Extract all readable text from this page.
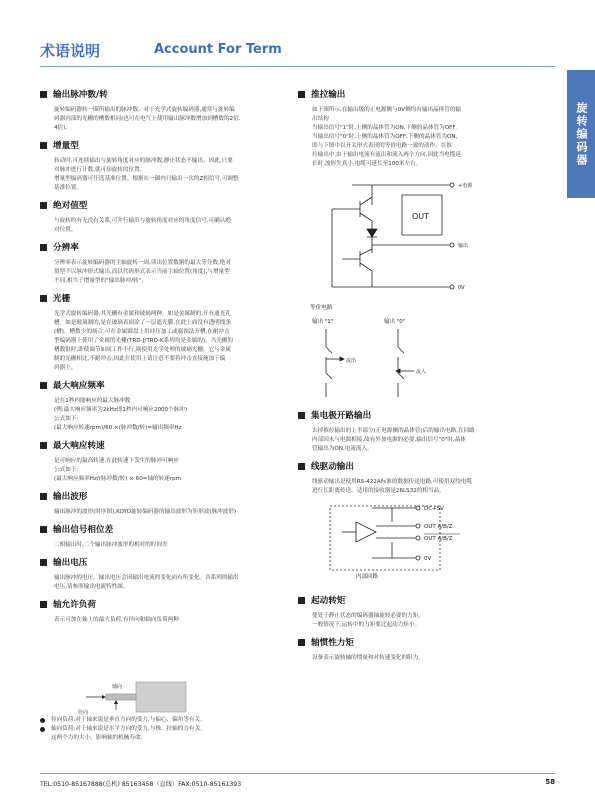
术语说明	Account For Term
旋转编码器
输出脉冲数/转

旋转编码器转一圈所输出的脉冲数。对于光学式旋转编码器,通常与旋转编

码器内部的光栅的槽数相同(也可在电气上使用输出脉冲数增加到槽数的2倍、

4倍)。

增量型

转动时,可连续输出与旋转角度对应的脉冲数,静止状态不输出。因此,只要

对脉冲进行计数,就可知旋转的位置。

增量型编码器可任选基准位置。根据在一圈内只输出一次的Z相信号,可调整

基准位置。

绝对值型

与旋转的有无没有关系,可并行输出与旋转角度对应的角度信号,可确认绝

对位置。

分辨率

分辨率表示旋转编码器的主轴旋转一周,读出位置数据的最大等分数,绝对

值型不以脉冲形式输出,而以代码形式表示当前主轴位置(角度),与增量型

不同,相当于增量型的"输出脉冲/转"。

光栅

光学式旋转编码器,其光栅有金属和玻璃两种。如是金属制的,开有通光孔

槽。如是玻璃制的,是在玻璃表面涂了一层遮光膜,在此上面没有透明线条

(槽)。槽数少的场合,可在金属圆盘上用冲压加工或腐蚀法开槽,在耐冲击

型编码器上使用了金属的光栅(TRD-J/TRD-K系列均是金属的)。当光栅的

槽数很时,即使调节如间工作不行,则使用光学处理的玻璃光栅。它与金属

制的光栅相比,不耐冲击,因此在使用上请注意不要将冲击直接施加于编

码器上。

最大响应频率

是在1秒内能响应的最大脉冲数

(例:最大响应频率为2kHz即1秒内可响应2000个脉冲)

公式如下:

(最大响应转速rpm)/60 ×(脉冲数/转)=输出频率Hz

最大响应转速

是可响应的最高转速,在此转速下发生的脉冲可响应

公式如下:

(最大响应频率Hz/(脉冲数/转) × 60=轴的转速rpm

输出波形

输出脉冲的波形(时序图),KOYO旋转编码器的输出波形为矩形波(脉冲波形)

输出信号相位差

二相输出时,二个输出脉冲波形的相对的时间差

输出电压

输出脉冲的电压。输出电压会因输出电流的变化而有所变化。各系列的输出

电压,请参照输出电流特性图。

轴允许负荷

表示可加在轴上的最大负荷,有径向和轴向负荷两种

推拉输出

如下图所示,在输出级的正电源侧与0V侧均有输出晶体管的输

出结构

当输出信号"1"时,上侧的晶体管为ON,下侧的晶体管为OFF。

当输出信号"0"时,上侧的晶体管为OFF,下侧的晶体管为ON,

即与下图中以开关形式表现的等价电路一致的动作。在推

拉输出中,由于输出电流有流出和流入两个方向,因此当电缆延

长时,波形失真小,电缆可延长至100米左右。

+电源
OUT
输出
0V
等价电路
输出 "1"	输出 "0"
流出
流入
集电极开路输出

去掉推拉输出的上半部分(正电源侧的晶体管)后的输出电路,在回路

内部因未与电源相接,故有外加电源的必要,输出信号"0"时,晶体

管输出为ON,电流流入。

线驱动输出

线驱动输出是使用RS-422A标准的数据传送电路,可使用双绞电缆

进行长距离传送。适用的接收器是26LS32的相当品。

DC+5V
OUT A/B/Z
OUT A/B/Z
0V
内部回路
起动转矩

使处于静止状态的编码器轴旋转必要的力矩。

一般情况下,运转中的力矩要比起动力矩小。

轴惯性力矩

设备表示旋转轴的惯量和对转速变化的阻力。

轴向
径向
径向负荷:对于轴来说是垂直方向的受力,与偏心、偏角等有关。
轴向负荷:对于轴来说是水平方向的受力,与推、拉轴的力有关。
这两个力的大小、影响轴的机械寿命。
TEL:0510-85167888(总机) 85163458（直线）FAX:0510-85161393	58
